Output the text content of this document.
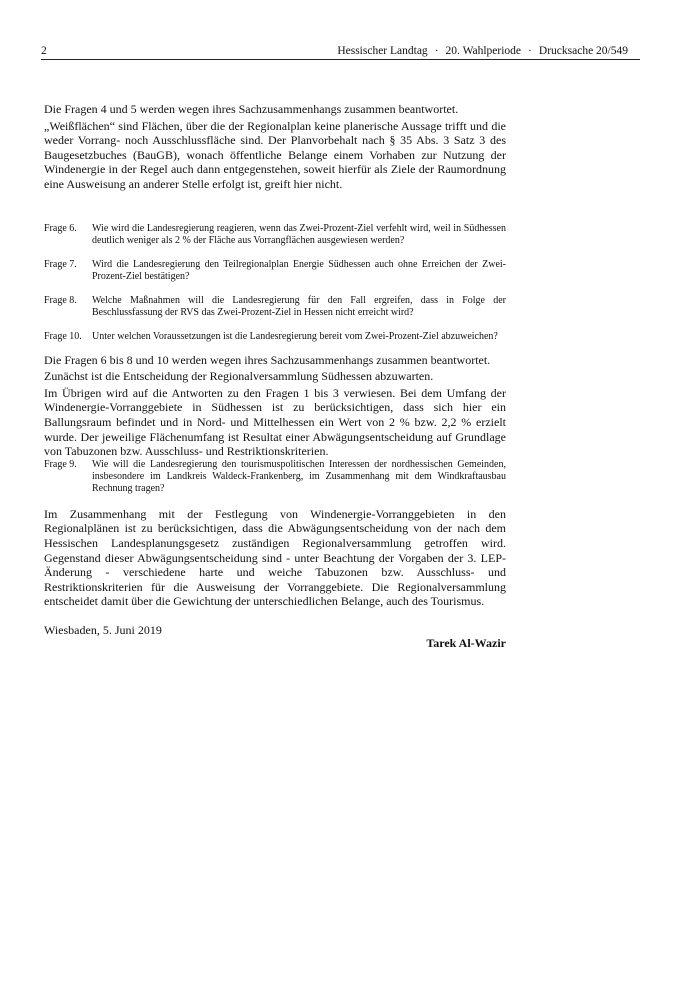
2	Hessischer Landtag · 20. Wahlperiode · Drucksache 20/549

Die Fragen 4 und 5 werden wegen ihres Sachzusammenhangs zusammen beantwortet.

„Weißflächen“ sind Flächen, über die der Regionalplan keine planerische Aussage trifft und die weder Vorrang- noch Ausschlussfläche sind. Der Planvorbehalt nach § 35 Abs. 3 Satz 3 des Baugesetzbuches (BauGB), wonach öffentliche Belange einem Vorhaben zur Nutzung der Windenergie in der Regel auch dann entgegenstehen, soweit hierfür als Ziele der Raumordnung eine Ausweisung an anderer Stelle erfolgt ist, greift hier nicht.

Frage 6.	Wie wird die Landesregierung reagieren, wenn das Zwei-Prozent-Ziel verfehlt wird, weil in Südhessen deutlich weniger als 2 % der Fläche aus Vorrangflächen ausgewiesen werden?
Frage 7.	Wird die Landesregierung den Teilregionalplan Energie Südhessen auch ohne Erreichen der Zwei-Prozent-Ziel bestätigen?
Frage 8.	Welche Maßnahmen will die Landesregierung für den Fall ergreifen, dass in Folge der Beschlussfassung der RVS das Zwei-Prozent-Ziel in Hessen nicht erreicht wird?
Frage 10.	Unter welchen Voraussetzungen ist die Landesregierung bereit vom Zwei-Prozent-Ziel abzuweichen?

Die Fragen 6 bis 8 und 10 werden wegen ihres Sachzusammenhangs zusammen beantwortet.

Zunächst ist die Entscheidung der Regionalversammlung Südhessen abzuwarten.

Im Übrigen wird auf die Antworten zu den Fragen 1 bis 3 verwiesen. Bei dem Umfang der Windenergie-Vorranggebiete in Südhessen ist zu berücksichtigen, dass sich hier ein Ballungsraum befindet und in Nord- und Mittelhessen ein Wert von 2 % bzw. 2,2 % erzielt wurde. Der jeweilige Flächenumfang ist Resultat einer Abwägungsentscheidung auf Grundlage von Tabuzonen bzw. Ausschluss- und Restriktionskriterien.

Frage 9.	Wie will die Landesregierung den tourismuspolitischen Interessen der nordhessischen Gemeinden, insbesondere im Landkreis Waldeck-Frankenberg, im Zusammenhang mit dem Windkraftausbau Rechnung tragen?

Im Zusammenhang mit der Festlegung von Windenergie-Vorranggebieten in den Regionalplänen ist zu berücksichtigen, dass die Abwägungsentscheidung von der nach dem Hessischen Landesplanungsgesetz zuständigen Regionalversammlung getroffen wird. Gegenstand dieser Abwägungsentscheidung sind - unter Beachtung der Vorgaben der 3. LEP-Änderung - verschiedene harte und weiche Tabuzonen bzw. Ausschluss- und Restriktionskriterien für die Ausweisung der Vorranggebiete. Die Regionalversammlung entscheidet damit über die Gewichtung der unterschiedlichen Belange, auch des Tourismus.

Wiesbaden, 5. Juni 2019
Tarek Al-Wazir
